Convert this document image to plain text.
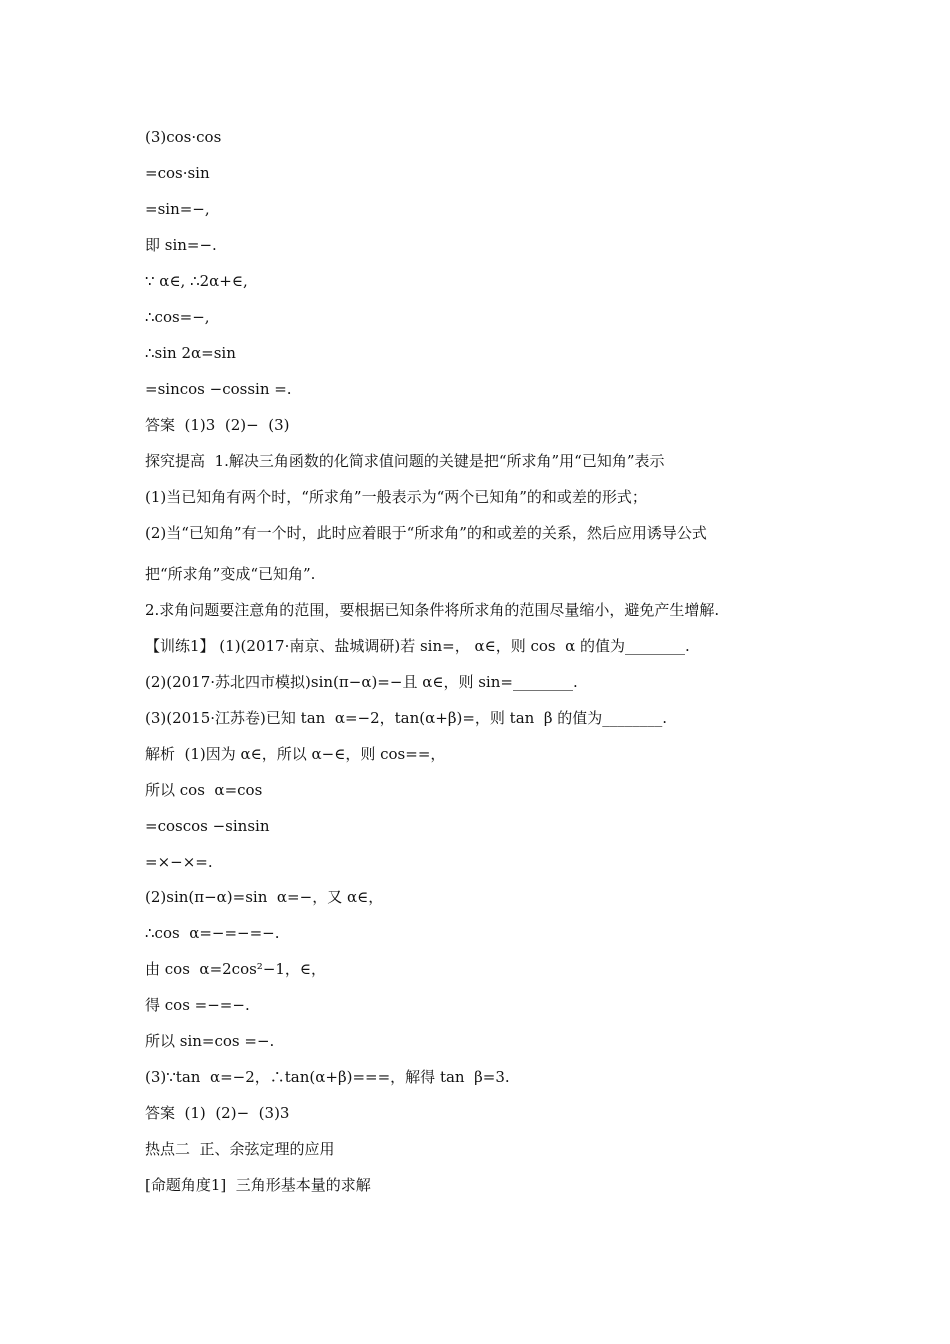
(3)cos·cos
=cos·sin
=sin=−,
即 sin=−.
∵ α∈, ∴2α+∈,
∴cos=−,
∴sin 2α=sin
=sincos −cossin =.
答案  (1)3  (2)−  (3)
探究提高  1.解决三角函数的化简求值问题的关键是把“所求角”用“已知角”表示
(1)当已知角有两个时，“所求角”一般表示为“两个已知角”的和或差的形式；
(2)当“已知角”有一个时，此时应着眼于“所求角”的和或差的关系，然后应用诱导公式
把“所求角”变成“已知角”.
2.求角问题要注意角的范围，要根据已知条件将所求角的范围尽量缩小，避免产生增解.
【训练1】 (1)(2017·南京、盐城调研)若 sin=， α∈，则 cos  α 的值为________.
(2)(2017·苏北四市模拟)sin(π−α)=−且 α∈，则 sin=________.
(3)(2015·江苏卷)已知 tan  α=−2，tan(α+β)=，则 tan  β 的值为________.
解析  (1)因为 α∈，所以 α−∈，则 cos==，
所以 cos  α=cos
=coscos −sinsin
=×−×=.
(2)sin(π−α)=sin  α=−，又 α∈，
∴cos  α=−=−=−.
由 cos  α=2cos²−1，∈，
得 cos =−=−.
所以 sin=cos =−.
(3)∵tan  α=−2，∴tan(α+β)===，解得 tan  β=3.
答案  (1)  (2)−  (3)3
热点二  正、余弦定理的应用
[命题角度1]  三角形基本量的求解
